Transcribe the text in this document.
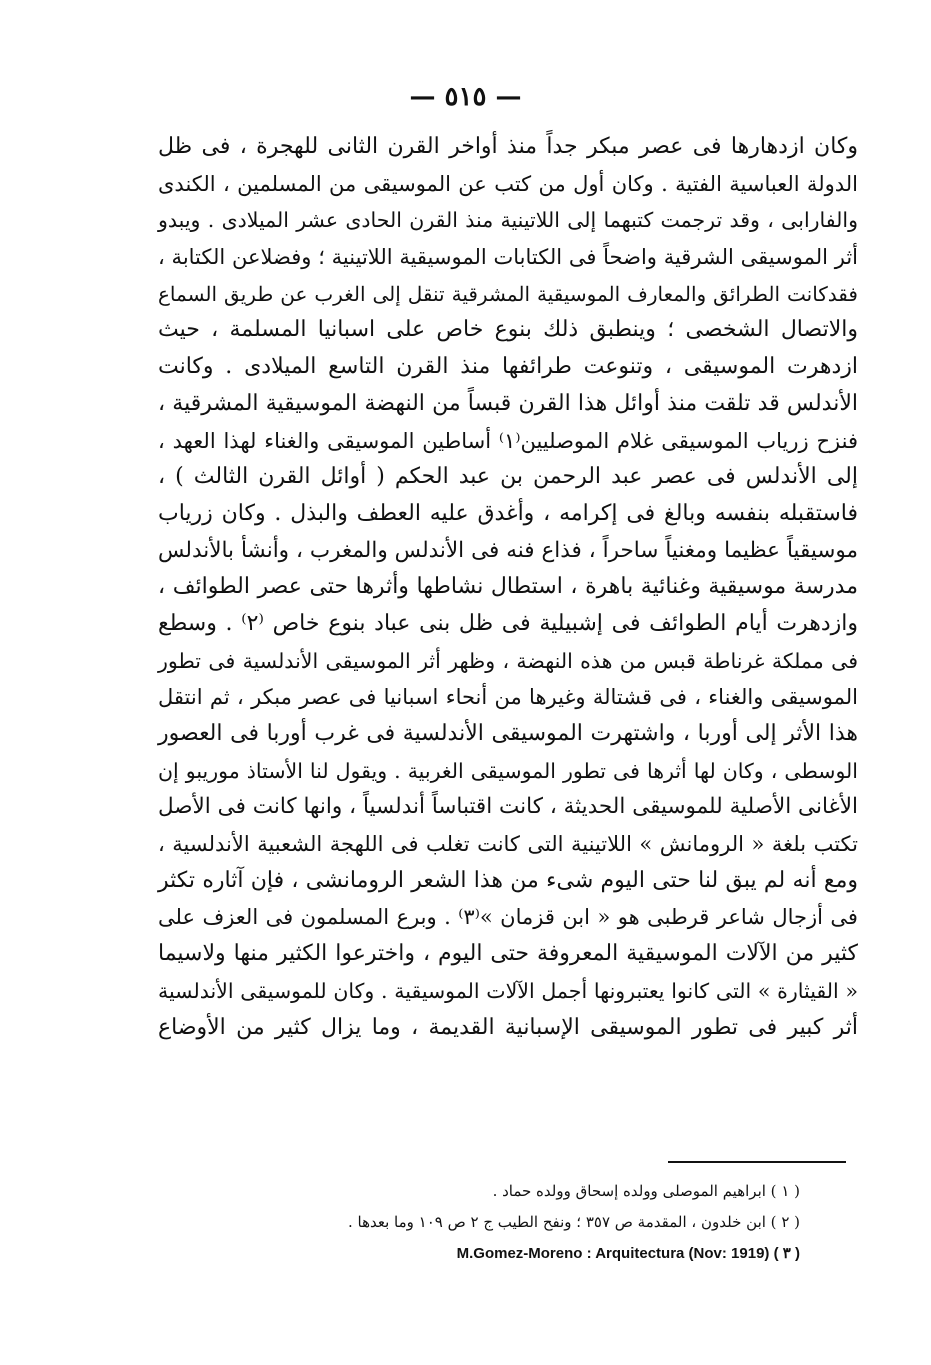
— ٥١٥ —
وكان ازدهارها فى عصر مبكر جداً منذ أواخر القرن الثانى للهجرة ، فى ظل
الدولة العباسية الفتية . وكان أول من كتب عن الموسيقى من المسلمين ، الكندى
والفارابى ، وقد ترجمت كتبهما إلى اللاتينية منذ القرن الحادى عشر الميلادى . ويبدو
أثر الموسيقى الشرقية واضحاً فى الكتابات الموسيقية اللاتينية ؛ وفضلاعن الكتابة ،
فقدكانت الطرائق والمعارف الموسيقية المشرقية تنقل إلى الغرب عن طريق السماع
والاتصال الشخصى ؛ وينطبق ذلك بنوع خاص على اسبانيا المسلمة ، حيث
ازدهرت الموسيقى ، وتنوعت طرائفها منذ القرن التاسع الميلادى . وكانت
الأندلس قد تلقت منذ أوائل هذا القرن قبساً من النهضة الموسيقية المشرقية ،
فنزح زرياب الموسيقى غلام الموصليين⁽١⁾ أساطين الموسيقى والغناء لهذا العهد ،
إلى الأندلس فى عصر عبد الرحمن بن عبد الحكم ( أوائل القرن الثالث ) ،
فاستقبله بنفسه وبالغ فى إكرامه ، وأغدق عليه العطف والبذل . وكان زرياب
موسيقياً عظيما ومغنياً ساحراً ، فذاع فنه فى الأندلس والمغرب ، وأنشأ بالأندلس
مدرسة موسيقية وغنائية باهرة ، استطال نشاطها وأثرها حتى عصر الطوائف ،
وازدهرت أيام الطوائف فى إشبيلية فى ظل بنى عباد بنوع خاص ⁽٢⁾ . وسطع
فى مملكة غرناطة قبس من هذه النهضة ، وظهر أثر الموسيقى الأندلسية فى تطور
الموسيقى والغناء ، فى قشتالة وغيرها من أنحاء اسبانيا فى عصر مبكر ، ثم انتقل
هذا الأثر إلى أوربا ، واشتهرت الموسيقى الأندلسية فى غرب أوربا فى العصور
الوسطى ، وكان لها أثرها فى تطور الموسيقى الغربية . ويقول لنا الأستاذ موريبو إن
الأغانى الأصلية للموسيقى الحديثة ، كانت اقتباساً أندلسياً ، وانها كانت فى الأصل
تكتب بلغة « الرومانش » اللاتينية التى كانت تغلب فى اللهجة الشعبية الأندلسية ،
ومع أنه لم يبق لنا حتى اليوم شىء من هذا الشعر الرومانشى ، فإن آثاره تكثر
فى أزجال شاعر قرطبى هو « ابن قزمان »⁽٣⁾ . وبرع المسلمون فى العزف على
كثير من الآلات الموسيقية المعروفة حتى اليوم ، واخترعوا الكثير منها ولاسيما
« القيثارة » التى كانوا يعتبرونها أجمل الآلات الموسيقية . وكان للموسيقى الأندلسية
أثر كبير فى تطور الموسيقى الإسبانية القديمة ، وما يزال كثير من الأوضاع
( ١ ) ابراهيم الموصلى وولده إسحاق وولده حماد .
( ٢ ) ابن خلدون ، المقدمة ص ٣٥٧ ؛ ونفح الطيب ج ٢ ص ١٠٩ وما بعدها .
M.Gomez-Moreno : Arquitectura (Nov: 1919) ( ٣ )
